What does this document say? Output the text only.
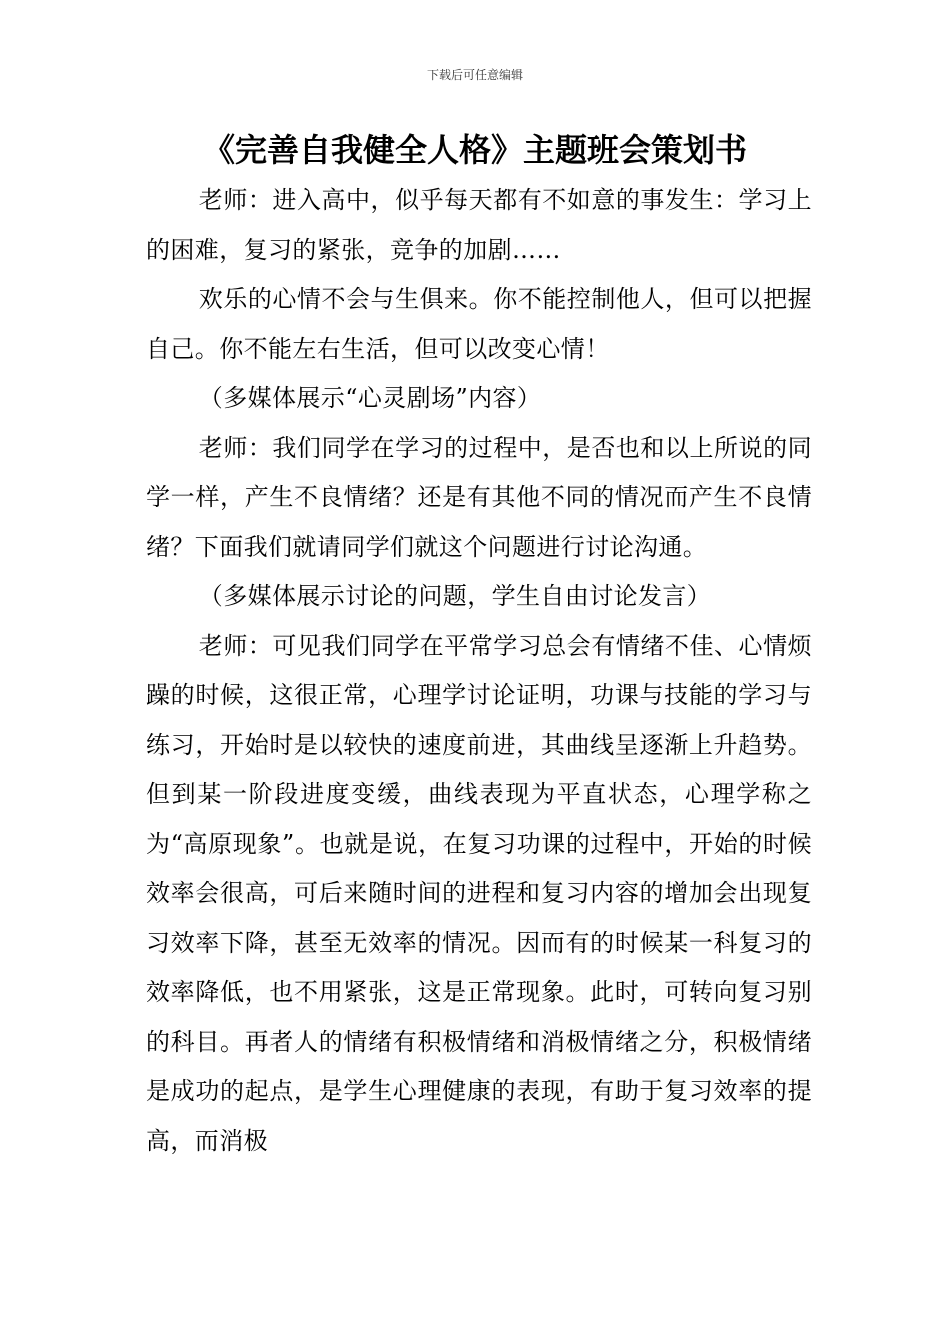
下载后可任意编辑
《完善自我健全人格》主题班会策划书

老师：进入高中，似乎每天都有不如意的事发生：学习上的困难，复习的紧张，竞争的加剧……

欢乐的心情不会与生俱来。你不能控制他人，但可以把握自己。你不能左右生活，但可以改变心情！

（多媒体展示“心灵剧场”内容）

老师：我们同学在学习的过程中，是否也和以上所说的同学一样，产生不良情绪？还是有其他不同的情况而产生不良情绪？下面我们就请同学们就这个问题进行讨论沟通。

（多媒体展示讨论的问题，学生自由讨论发言）

老师：可见我们同学在平常学习总会有情绪不佳、心情烦躁的时候，这很正常，心理学讨论证明，功课与技能的学习与练习，开始时是以较快的速度前进，其曲线呈逐渐上升趋势。但到某一阶段进度变缓，曲线表现为平直状态，心理学称之为“高原现象”。也就是说，在复习功课的过程中，开始的时候效率会很高，可后来随时间的进程和复习内容的增加会出现复习效率下降，甚至无效率的情况。因而有的时候某一科复习的效率降低，也不用紧张，这是正常现象。此时，可转向复习别的科目。再者人的情绪有积极情绪和消极情绪之分，积极情绪是成功的起点，是学生心理健康的表现，有助于复习效率的提高，而消极
